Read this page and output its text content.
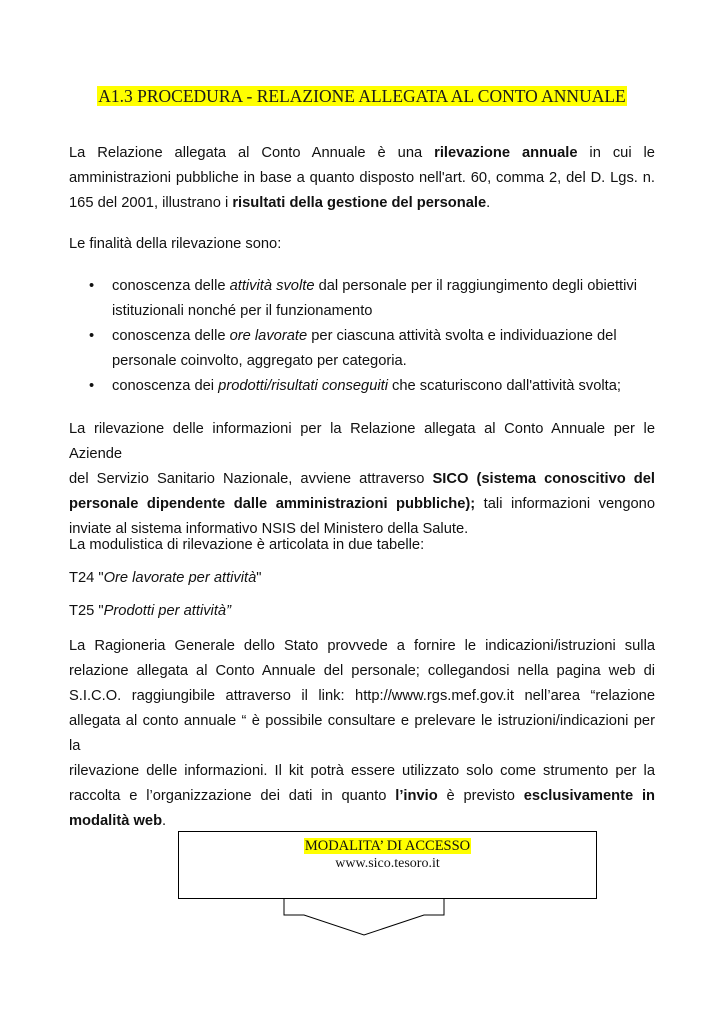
A1.3 PROCEDURA - RELAZIONE ALLEGATA AL CONTO ANNUALE

La Relazione allegata al Conto Annuale è una rilevazione annuale in cui le
amministrazioni pubbliche in base a quanto disposto nell'art. 60, comma 2, del D. Lgs. n.
165 del 2001, illustrano i risultati della gestione del personale.

Le finalità della rilevazione sono:

• conoscenza delle attività svolte dal personale per il raggiungimento degli obiettivi
istituzionali nonché per il funzionamento
• conoscenza delle ore lavorate per ciascuna attività svolta e individuazione del
personale coinvolto, aggregato per categoria.
• conoscenza dei prodotti/risultati conseguiti che scaturiscono dall'attività svolta;

La rilevazione delle informazioni per la Relazione allegata al Conto Annuale per le Aziende
del Servizio Sanitario Nazionale, avviene attraverso SICO (sistema conoscitivo del
personale dipendente dalle amministrazioni pubbliche); tali informazioni vengono
inviate al sistema informativo NSIS del Ministero della Salute.

La modulistica di rilevazione è articolata in due tabelle:

T24 "Ore lavorate per attività"

T25 "Prodotti per attività”

La Ragioneria Generale dello Stato provvede a fornire le indicazioni/istruzioni sulla
relazione allegata al Conto Annuale del personale; collegandosi nella pagina web di
S.I.C.O. raggiungibile attraverso il link: http://www.rgs.mef.gov.it nell’area “relazione
allegata al conto annuale “ è possibile consultare e prelevare le istruzioni/indicazioni per la
rilevazione delle informazioni. Il kit potrà essere utilizzato solo come strumento per la
raccolta e l’organizzazione dei dati in quanto l’invio è previsto esclusivamente in
modalità web.

MODALITA’ DI ACCESSO
www.sico.tesoro.it
